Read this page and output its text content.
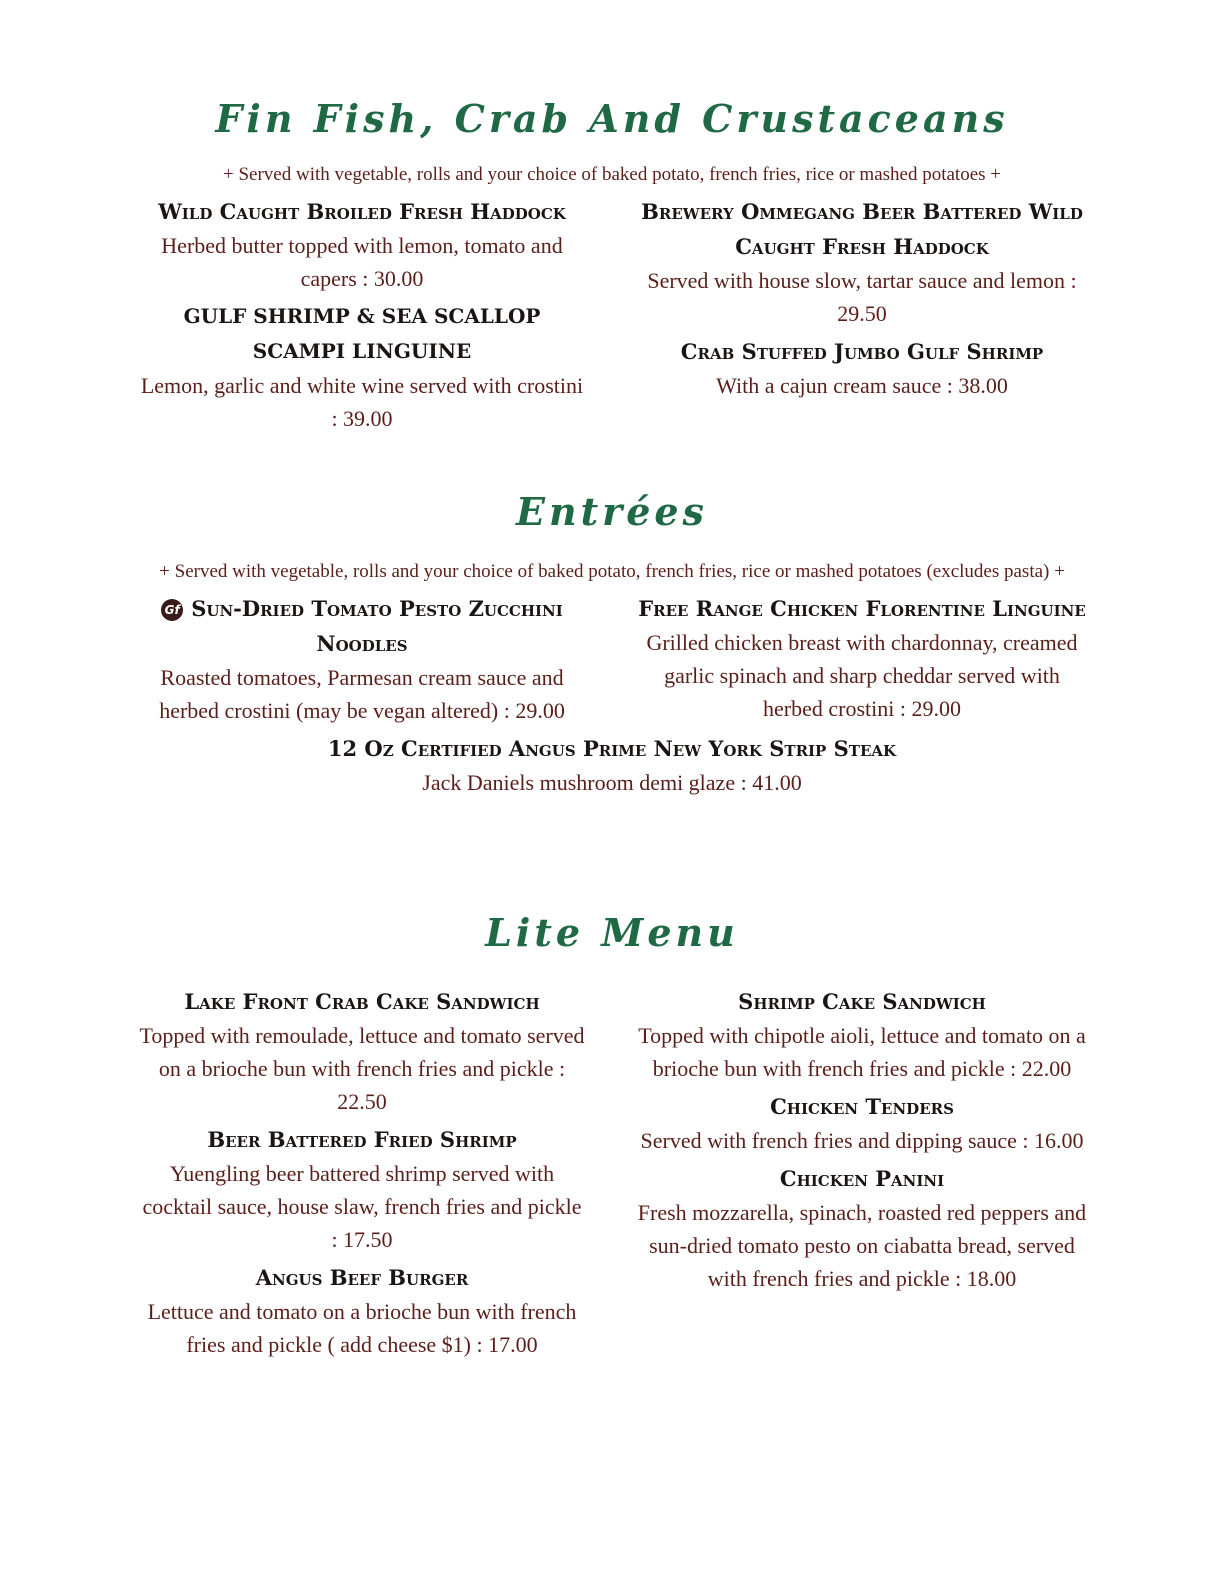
Fin Fish, Crab And Crustaceans

+ Served with vegetable, rolls and your choice of baked potato, french fries, rice or mashed potatoes +

Wild Caught Broiled Fresh Haddock

Herbed butter topped with lemon, tomato and capers : 30.00

GULF SHRIMP & SEA SCALLOP SCAMPI LINGUINE

Lemon, garlic and white wine served with crostini : 39.00

Brewery Ommegang Beer Battered Wild Caught Fresh Haddock

Served with house slow, tartar sauce and lemon : 29.50

Crab Stuffed Jumbo Gulf Shrimp

With a cajun cream sauce : 38.00

Entrées

+ Served with vegetable, rolls and your choice of baked potato, french fries, rice or mashed potatoes (excludes pasta) +

Gf Sun-Dried Tomato Pesto Zucchini Noodles

Roasted tomatoes, Parmesan cream sauce and herbed crostini (may be vegan altered) : 29.00

Free Range Chicken Florentine Linguine

Grilled chicken breast with chardonnay, creamed garlic spinach and sharp cheddar served with herbed crostini : 29.00

12 Oz Certified Angus Prime New York Strip Steak

Jack Daniels mushroom demi glaze : 41.00

Lite Menu

Lake Front Crab Cake Sandwich

Topped with remoulade, lettuce and tomato served on a brioche bun with french fries and pickle : 22.50

Beer Battered Fried Shrimp

Yuengling beer battered shrimp served with cocktail sauce, house slaw, french fries and pickle : 17.50

Angus Beef Burger

Lettuce and tomato on a brioche bun with french fries and pickle ( add cheese $1) : 17.00

Shrimp Cake Sandwich

Topped with chipotle aioli, lettuce and tomato on a brioche bun with french fries and pickle : 22.00

Chicken Tenders

Served with french fries and dipping sauce : 16.00

Chicken Panini

Fresh mozzarella, spinach, roasted red peppers and sun-dried tomato pesto on ciabatta bread, served with french fries and pickle : 18.00
